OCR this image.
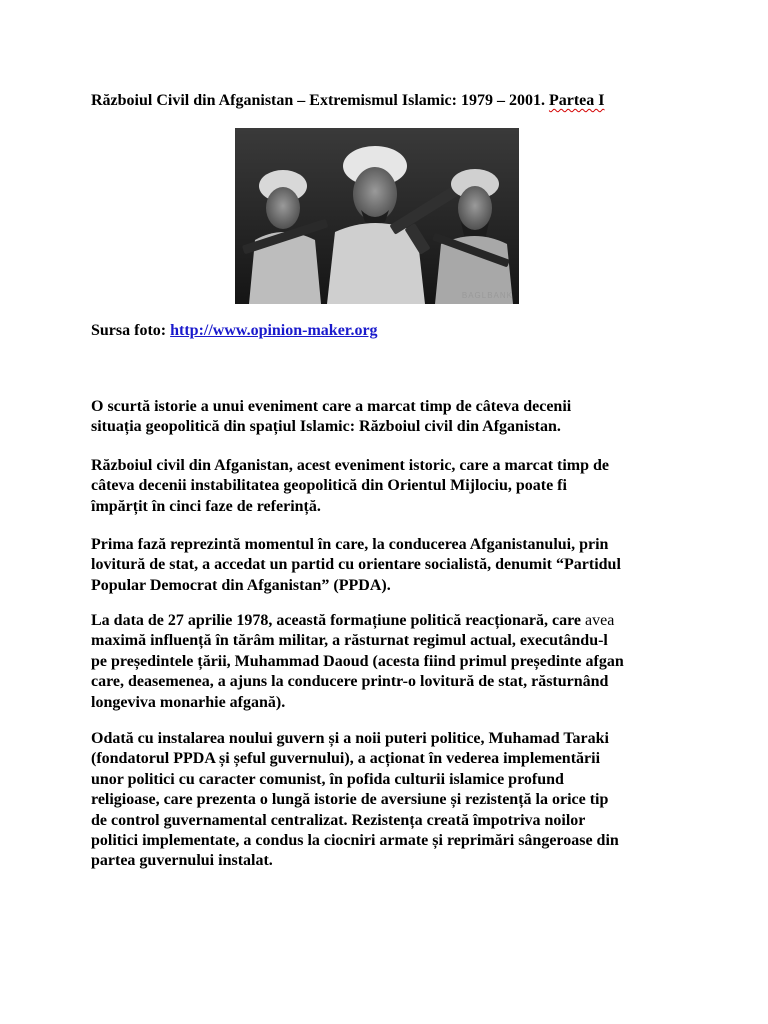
Războiul Civil din Afganistan – Extremismul Islamic: 1979 – 2001. Partea I
BAGLBANK
Sursa foto: http://www.opinion-maker.org

O scurtă istorie a unui eveniment care a marcat timp de câteva decenii
situația geopolitică din spațiul Islamic: Războiul civil din Afganistan.

Războiul civil din Afganistan, acest eveniment istoric, care a marcat timp de
câteva decenii instabilitatea geopolitică din Orientul Mijlociu, poate fi
împărțit în cinci faze de referință.

Prima fază reprezintă momentul în care, la conducerea Afganistanului, prin
lovitură de stat, a accedat un partid cu orientare socialistă, denumit “Partidul
Popular Democrat din Afganistan” (PPDA).

La data de 27 aprilie 1978, această formațiune politică reacționară, care avea
maximă influență în tărâm militar, a răsturnat regimul actual, executându-l
pe președintele țării, Muhammad Daoud (acesta fiind primul președinte afgan
care, deasemenea, a ajuns la conducere printr-o lovitură de stat, răsturnând
longeviva monarhie afgană).

Odată cu instalarea noului guvern și a noii puteri politice, Muhamad Taraki
(fondatorul PPDA și șeful guvernului), a acționat în vederea implementării
unor politici cu caracter comunist, în pofida culturii islamice profund
religioase, care prezenta o lungă istorie de aversiune și rezistență la orice tip
de control guvernamental centralizat. Rezistența creată împotriva noilor
politici implementate, a condus la ciocniri armate și reprimări sângeroase din
partea guvernului instalat.
